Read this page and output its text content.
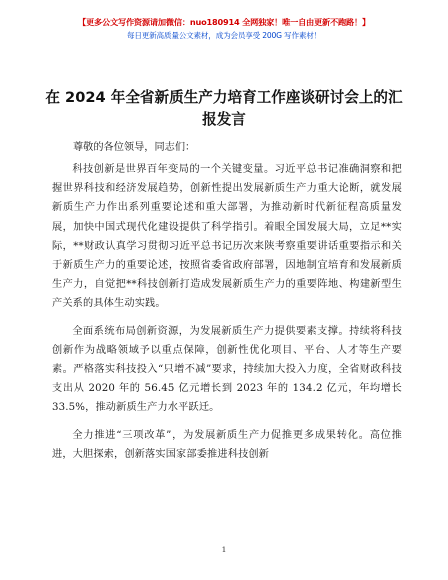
【更多公文写作资源请加微信：nuo180914 全网独家！唯一自由更新不跑路！】
每日更新高质量公文素材，成为会员享受 200G 写作素材！
在 2024 年全省新质生产力培育工作座谈研讨会上的汇报发言

尊敬的各位领导，同志们：

科技创新是世界百年变局的一个关键变量。习近平总书记准确洞察和把握世界科技和经济发展趋势，创新性提出发展新质生产力重大论断，就发展新质生产力作出系列重要论述和重大部署，为推动新时代新征程高质量发展，加快中国式现代化建设提供了科学指引。着眼全国发展大局，立足**实际，**财政认真学习贯彻习近平总书记历次来陕考察重要讲话重要指示和关于新质生产力的重要论述，按照省委省政府部署，因地制宜培育和发展新质生产力，自觉把**科技创新打造成发展新质生产力的重要阵地、构建新型生产关系的具体生动实践。

全面系统布局创新资源，为发展新质生产力提供要素支撑。持续将科技创新作为战略领域予以重点保障，创新性优化项目、平台、人才等生产要素。严格落实科技投入“只增不减”要求，持续加大投入力度，全省财政科技支出从 2020 年的 56.45 亿元增长到 2023 年的 134.2 亿元，年均增长 33.5%，推动新质生产力水平跃迁。

全力推进“三项改革”，为发展新质生产力促推更多成果转化。高位推进，大胆探索，创新落实国家部委推进科技创新

1
